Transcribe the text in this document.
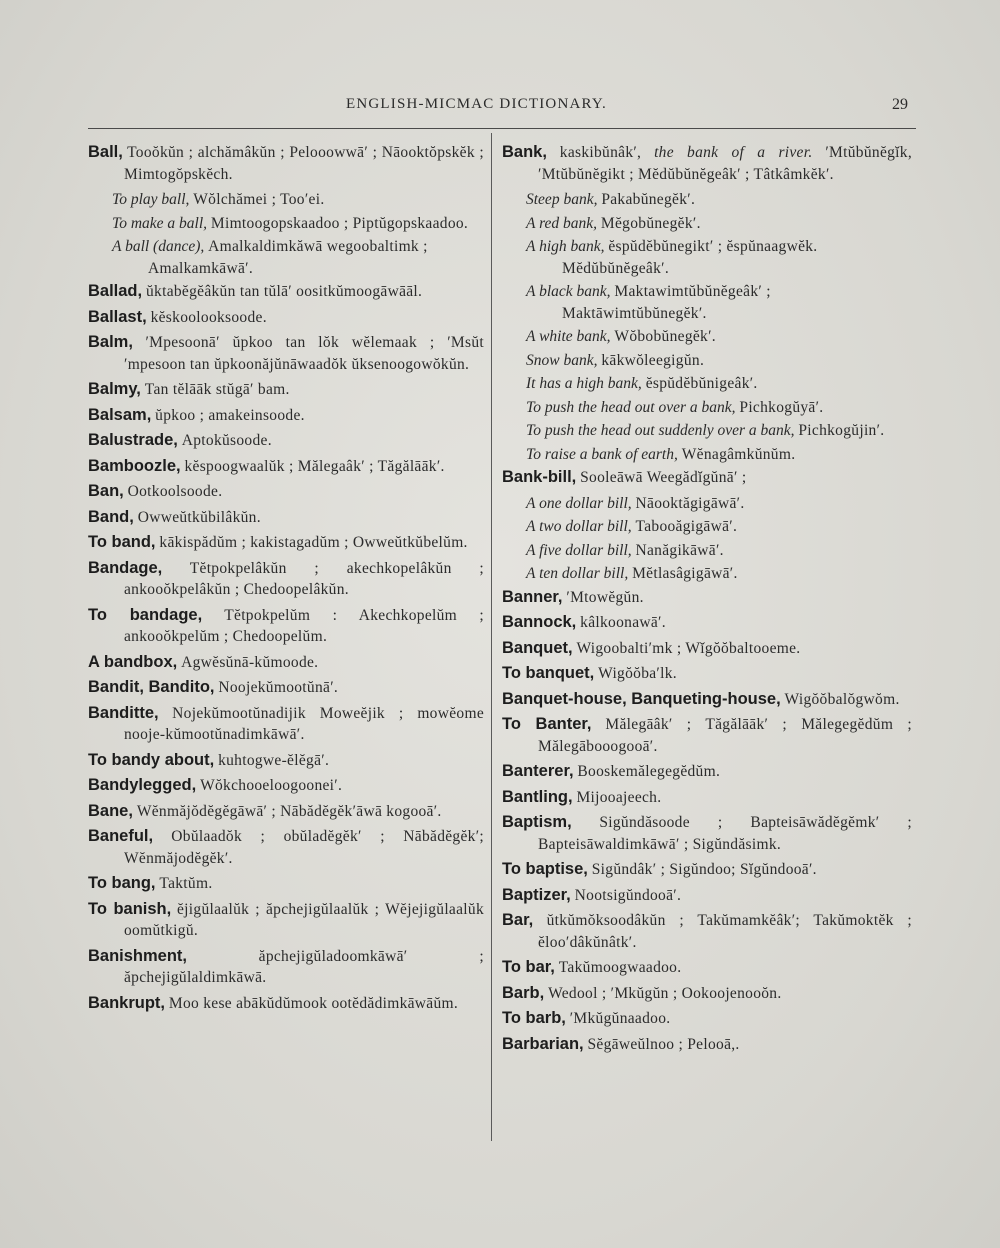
ENGLISH-MICMAC DICTIONARY.	29
Ball, Tooŏkŭn ; alchămâkŭn ; Pelooowwā′ ; Nāooktŏpskĕk ; Mimtogŏpskĕch.
To play ball, Wŏlchămei ; Too′ei.
To make a ball, Mimtoogopskaadoo ; Piptŭgopskaadoo.
A ball (dance), Amalkaldimkăwā wegoobaltimk ; Amalkamkāwā′.
Ballad, ŭktabĕgĕâkŭn tan tŭlā′ oositkŭmoogāwāāl.
Ballast, kĕskoolooksoode.
Balm, ′Mpesoonā′ ŭpkoo tan lŏk wĕlemaak ; ′Msŭt ′mpesoon tan ŭpkoonăjŭnāwaadŏk ŭksenoogowŏkŭn.
Balmy, Tan tĕlāāk stŭgā′ bam.
Balsam, ŭpkoo ; amakeinsoode.
Balustrade, Aptokŭsoode.
Bamboozle, kĕspoogwaalŭk ; Mălegaâk′ ; Tăgălāāk′.
Ban, Ootkoolsoode.
Band, Owweŭtkŭbilâkŭn.
To band, kākispădŭm ; kakistagadŭm ; Owweŭtkŭbelŭm.
Bandage, Tĕtpokpelâkŭn ; akechkopelâkŭn ; ankooŏkpelâkŭn ; Chedoopelâkŭn.
To bandage, Tĕtpokpelŭm : Akechkopelŭm ; ankooŏkpelŭm ; Chedoopelŭm.
A bandbox, Agwĕsŭnā-kŭmoode.
Bandit, Bandito, Noojekŭmootŭnā′.
Banditte, Nojekŭmootŭnadijik Moweĕjik ; mowĕome nooje-kŭmootŭnadimkāwā′.
To bandy about, kuhtogwe-ĕlĕgā′.
Bandylegged, Wŏkchooeloogoonei′.
Bane, Wĕnmăjŏdĕgĕgāwā′ ; Nābădĕgĕk′āwā kogooā′.
Baneful, Obŭlaadŏk ; obŭladĕgĕk′ ; Nābădĕgĕk′; Wĕnmăjodĕgĕk′.
To bang, Taktŭm.
To banish, ĕjigŭlaalŭk ; ăpchejigŭlaalŭk ; Wĕjejigŭlaalŭk oomŭtkigŭ.
Banishment,	ăpchejigŭladoomkāwā′ ; ăpchejigŭlaldimkāwā.
Bankrupt, Moo kese abākŭdŭmook ootĕdădimkāwāŭm.
Bank, kaskibŭnâk′, the bank of a river. ′Mtŭbŭnĕgĭk, ′Mtŭbŭnĕgikt ; Mĕdŭbŭnĕgeâk′ ; Tâtkâmkĕk′.
Steep bank, Pakabŭnegĕk′.
A red bank, Mĕgobŭnegĕk′.
A high bank, ĕspŭdĕbŭnegikt′ ; ĕspŭnaagwĕk. Mĕdŭbŭnĕgeâk′.
A black bank, Maktawimtŭbŭnĕgeâk′ ; Maktāwimtŭbŭnegĕk′.
A white bank, Wŏbobŭnegĕk′.
Snow bank, kākwŏleegigŭn.
It has a high bank, ĕspŭdĕbŭnigeâk′.
To push the head out over a bank, Pichkogŭyā′.
To push the head out suddenly over a bank, Pichkogŭjin′.
To raise a bank of earth, Wĕnagâmkŭnŭm.
Bank-bill, Sooleāwā Weegădĭgŭnā′ ;
A one dollar bill, Nāooktăgigāwā′.
A two dollar bill, Tabooăgigāwā′.
A five dollar bill, Nanăgikāwā′.
A ten dollar bill, Mĕtlasâgigāwā′.
Banner, ′Mtowĕgŭn.
Bannock, kâlkoonawā′.
Banquet, Wigoobalti′mk ; Wĭgŏŏbaltooeme.
To banquet, Wigŏŏba′lk.
Banquet-house, Banqueting-house, Wigŏŏbalŏgwŏm.
To Banter, Mălegāâk′ ; Tăgălāāk′ ; Mălegegĕdŭm ; Mălegābooogooā′.
Banterer, Booskemălegegĕdŭm.
Bantling, Mijooajeech.
Baptism, Sigŭndăsoode ; Bapteisāwădĕgĕmk′ ; Bapteisāwaldimkāwā′ ; Sigŭndăsimk.
To baptise, Sigŭndâk′ ; Sigŭndoo; Sĭgŭndooā′.
Baptizer, Nootsigŭndooā′.
Bar, ŭtkŭmŏksoodâkŭn ; Takŭmamkĕâk′; Takŭmoktĕk ; ĕloo′dâkŭnâtk′.
To bar, Takŭmoogwaadoo.
Barb, Wedool ; ′Mkŭgŭn ; Ookoojenooŏn.
To barb, ′Mkŭgŭnaadoo.
Barbarian, Sĕgāweŭlnoo ; Pelooā,.
